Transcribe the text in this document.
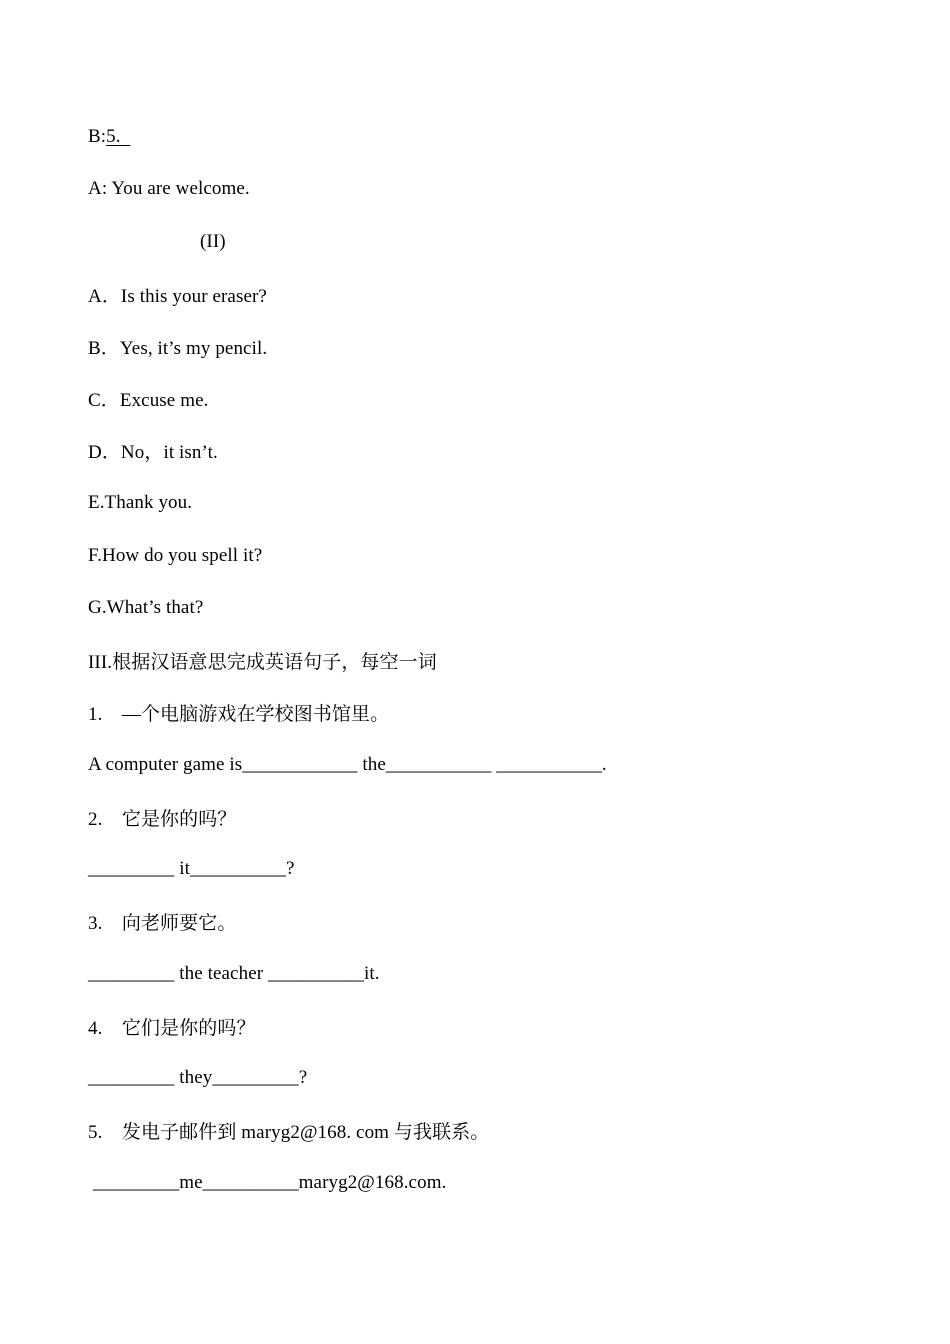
B: 5.
A: You are welcome.
(II)
A．Is this your eraser?
B．Yes, it’s my pencil.
C．Excuse me.
D．No，it isn’t.
E.Thank you.
F.How do you spell it?
G.What’s that?
III.根据汉语意思完成英语句子，每空一词
1.    —个电脑游戏在学校图书馆里。
A computer game is____________ the___________ ___________.
2.    它是你的吗？
_________ it__________?
3.    向老师要它。
_________ the teacher __________it.
4.    它们是你的吗？
_________ they_________?
5.    发电子邮件到 maryg2@168. com 与我联系。
_________me__________maryg2@168.com.
